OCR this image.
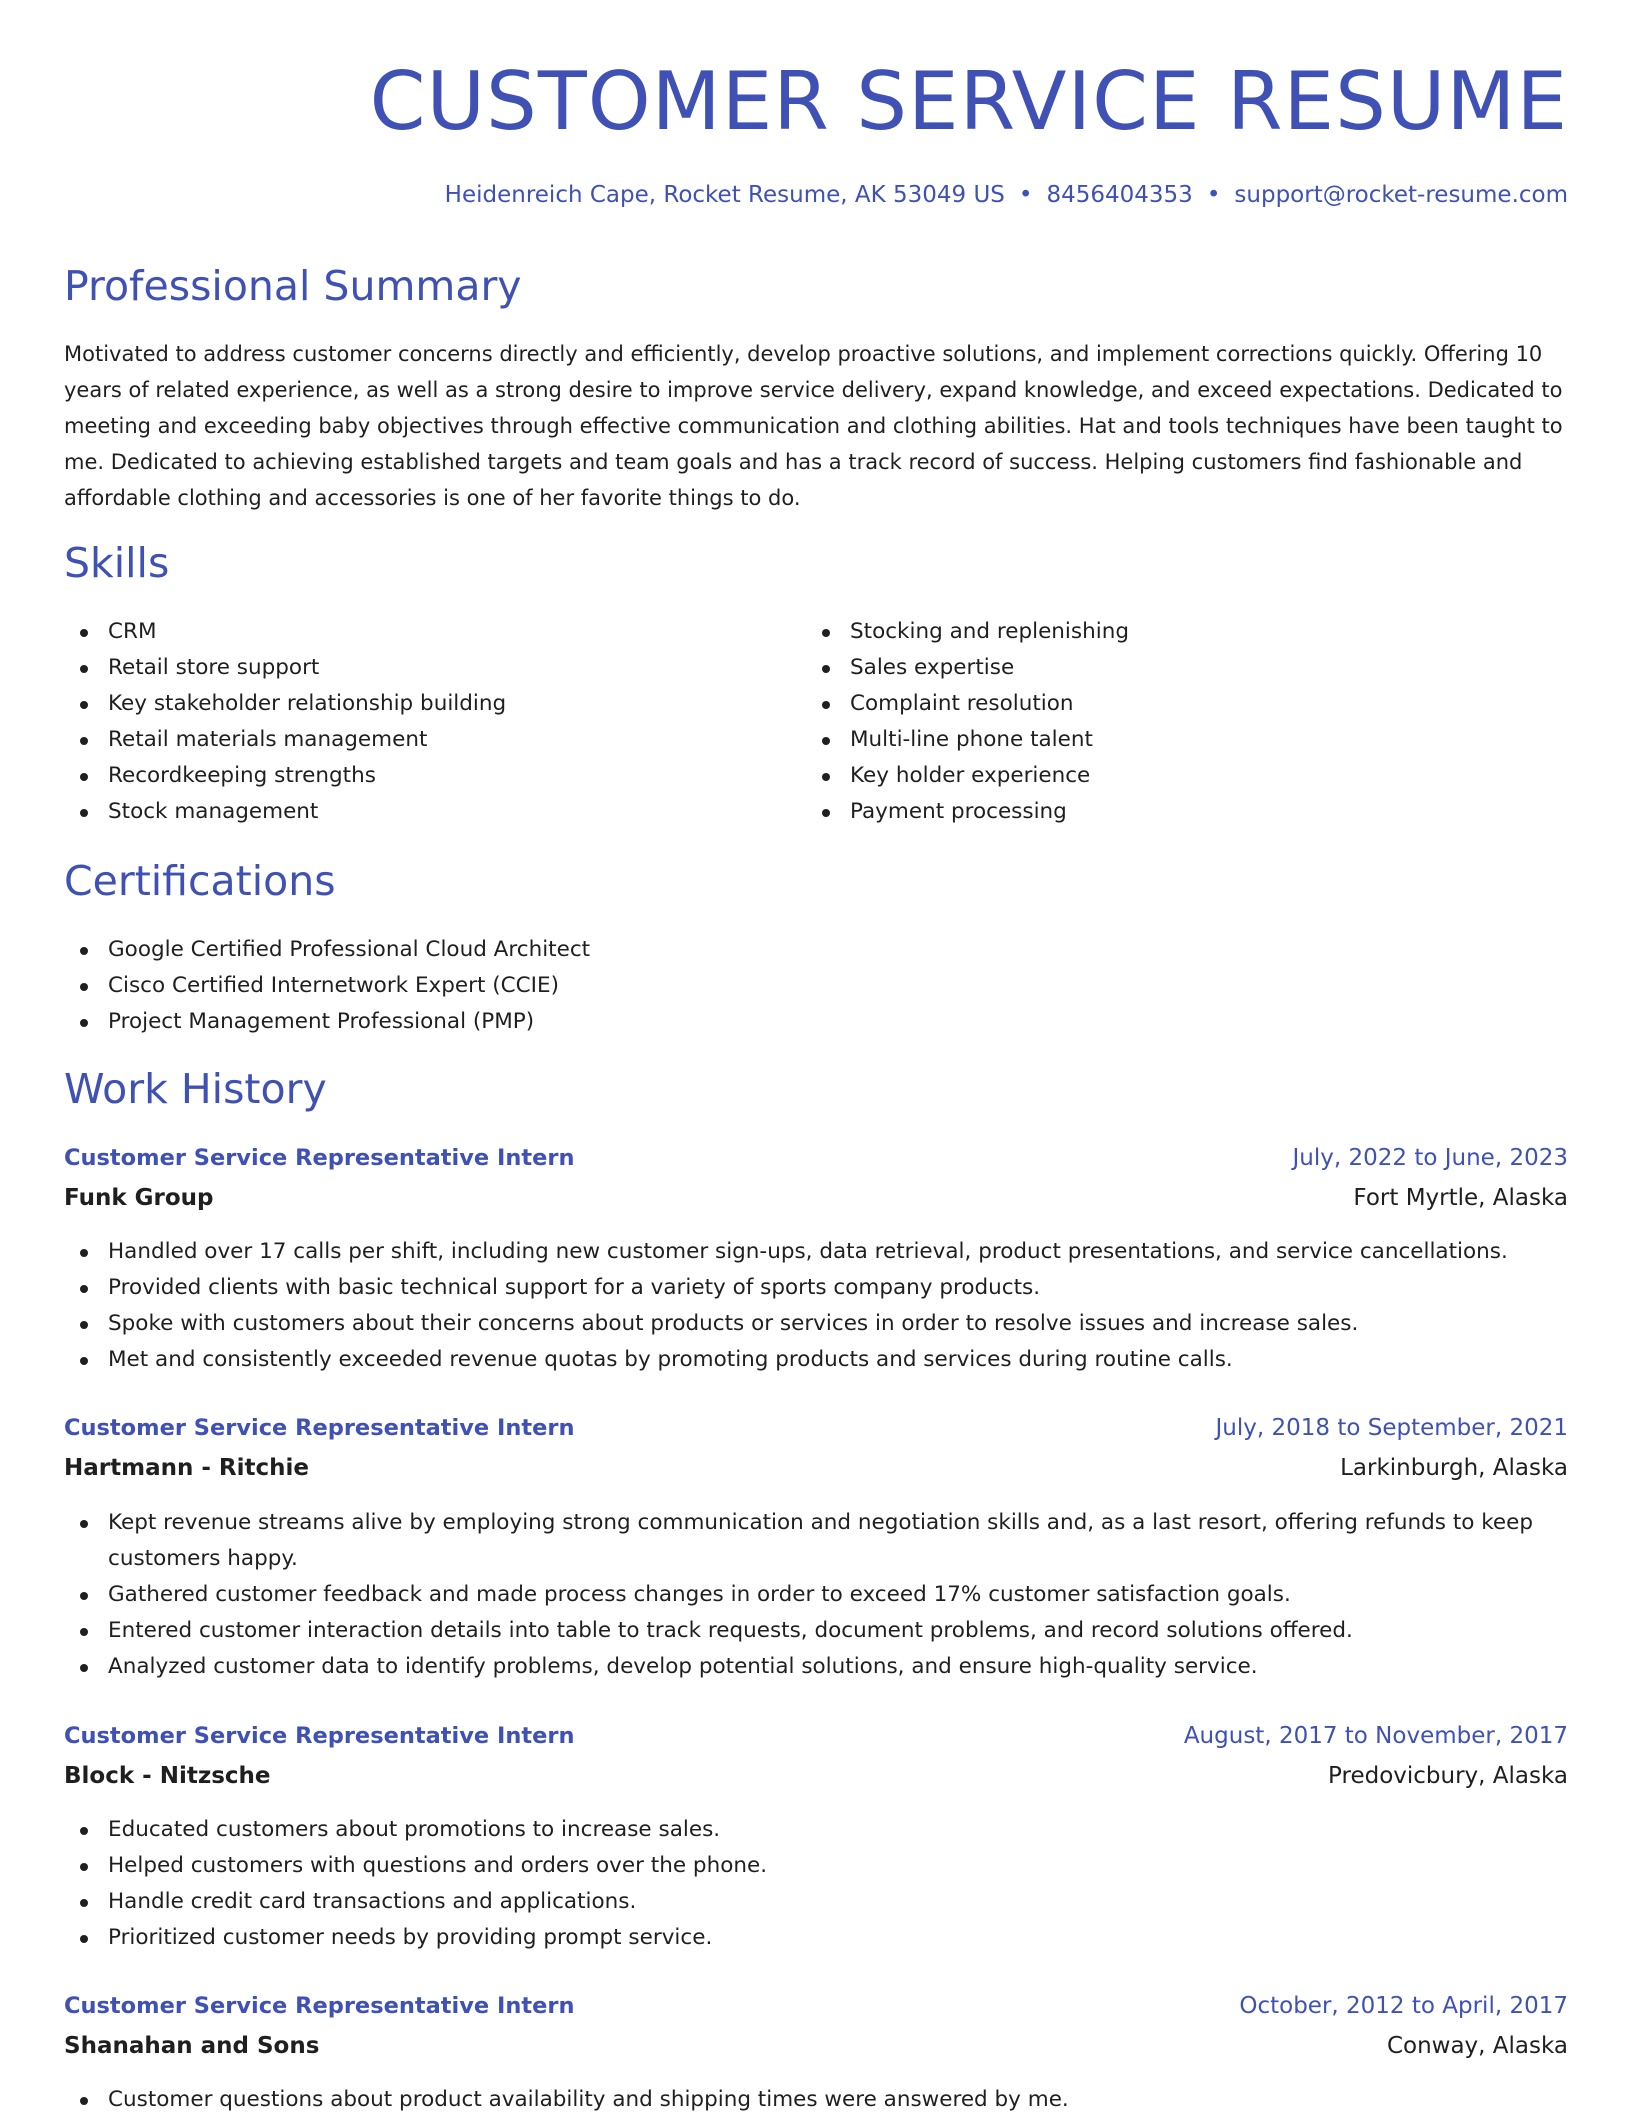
CUSTOMER SERVICE RESUME
Heidenreich Cape, Rocket Resume, AK 53049 US • 8456404353 • support@rocket-resume.com
Professional Summary

Motivated to address customer concerns directly and efficiently, develop proactive solutions, and implement corrections quickly. Offering 10 years of related experience, as well as a strong desire to improve service delivery, expand knowledge, and exceed expectations. Dedicated to meeting and exceeding baby objectives through effective communication and clothing abilities. Hat and tools techniques have been taught to me. Dedicated to achieving established targets and team goals and has a track record of success. Helping customers find fashionable and affordable clothing and accessories is one of her favorite things to do.

Skills
CRM
Retail store support
Key stakeholder relationship building
Retail materials management
Recordkeeping strengths
Stock management
Stocking and replenishing
Sales expertise
Complaint resolution
Multi-line phone talent
Key holder experience
Payment processing
Certifications
Google Certified Professional Cloud Architect
Cisco Certified Internetwork Expert (CCIE)
Project Management Professional (PMP)
Work History
Customer Service Representative Intern	July, 2022 to June, 2023
Funk Group	Fort Myrtle, Alaska
Handled over 17 calls per shift, including new customer sign-ups, data retrieval, product presentations, and service cancellations.
Provided clients with basic technical support for a variety of sports company products.
Spoke with customers about their concerns about products or services in order to resolve issues and increase sales.
Met and consistently exceeded revenue quotas by promoting products and services during routine calls.
Customer Service Representative Intern	July, 2018 to September, 2021
Hartmann - Ritchie	Larkinburgh, Alaska
Kept revenue streams alive by employing strong communication and negotiation skills and, as a last resort, offering refunds to keep customers happy.
Gathered customer feedback and made process changes in order to exceed 17% customer satisfaction goals.
Entered customer interaction details into table to track requests, document problems, and record solutions offered.
Analyzed customer data to identify problems, develop potential solutions, and ensure high-quality service.
Customer Service Representative Intern	August, 2017 to November, 2017
Block - Nitzsche	Predovicbury, Alaska
Educated customers about promotions to increase sales.
Helped customers with questions and orders over the phone.
Handle credit card transactions and applications.
Prioritized customer needs by providing prompt service.
Customer Service Representative Intern	October, 2012 to April, 2017
Shanahan and Sons	Conway, Alaska
Customer questions about product availability and shipping times were answered by me.
